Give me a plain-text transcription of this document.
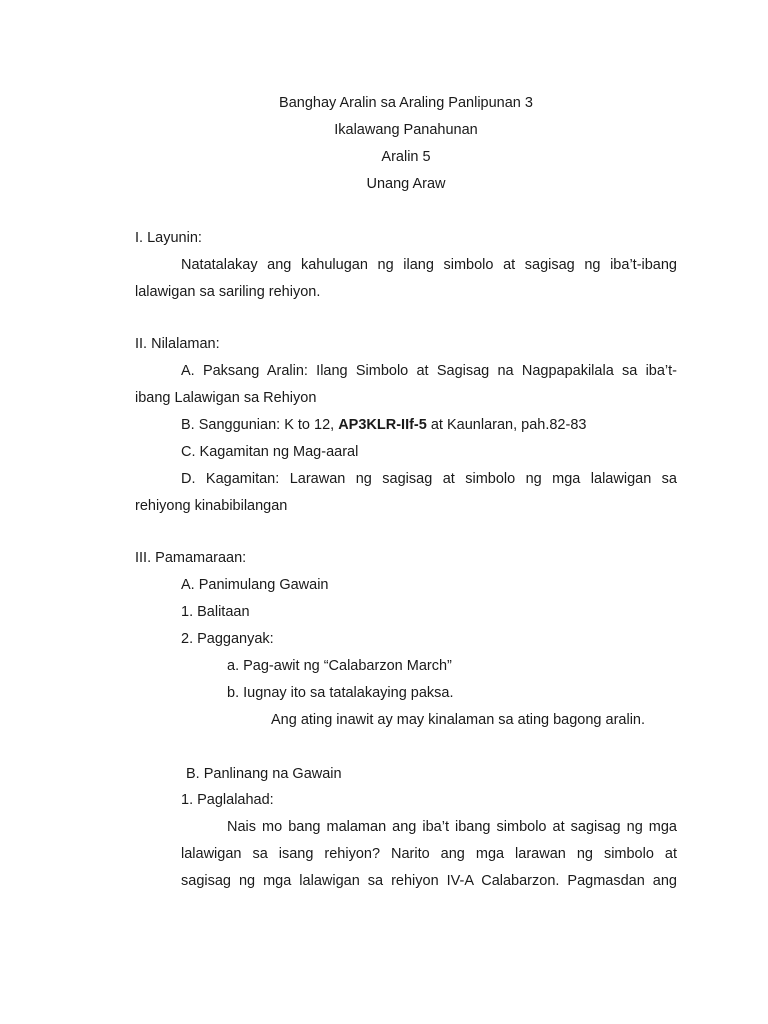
Banghay Aralin sa Araling Panlipunan 3
Ikalawang Panahunan
Aralin 5
Unang Araw
I. Layunin:
Natatalakay ang kahulugan ng ilang simbolo at sagisag ng iba’t-ibang
lalawigan sa sariling rehiyon.
II. Nilalaman:
A. Paksang Aralin: Ilang Simbolo at Sagisag na Nagpapakilala sa iba’t-
ibang Lalawigan sa Rehiyon
B. Sanggunian: K to 12, AP3KLR-IIf-5 at Kaunlaran, pah.82-83
C. Kagamitan ng Mag-aaral
D. Kagamitan: Larawan ng sagisag at simbolo ng mga lalawigan sa
rehiyong kinabibilangan
III. Pamamaraan:
A. Panimulang Gawain
1. Balitaan
2. Pagganyak:
a. Pag-awit ng “Calabarzon March”
b. Iugnay ito sa tatalakaying paksa.
Ang ating inawit ay may kinalaman sa ating bagong aralin.
B. Panlinang na Gawain
1. Paglalahad:
Nais mo bang malaman ang iba’t ibang simbolo at sagisag ng mga
lalawigan sa isang rehiyon? Narito ang mga larawan ng simbolo at
sagisag ng mga lalawigan sa rehiyon IV-A Calabarzon. Pagmasdan ang
